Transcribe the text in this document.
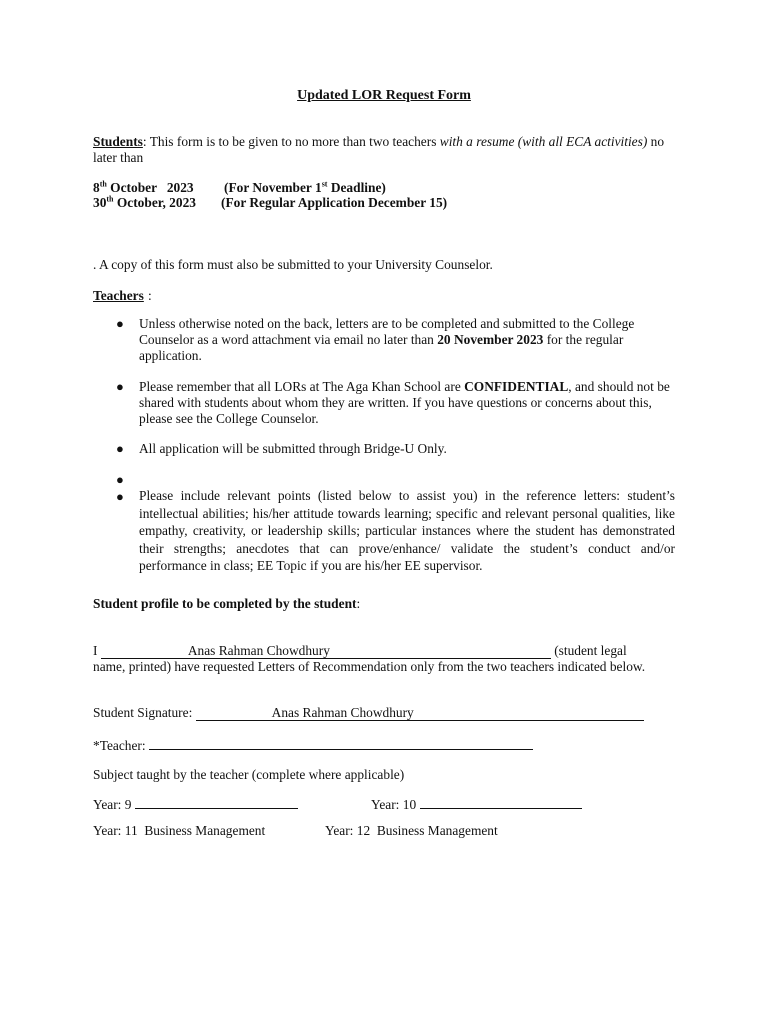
Updated LOR Request Form
Students: This form is to be given to no more than two teachers with a resume (with all ECA activities) no later than
8th October   2023 (For November 1st Deadline)
30th October, 2023 (For Regular Application December 15)
. A copy of this form must also be submitted to your University Counselor.
Teachers :
● Unless otherwise noted on the back, letters are to be completed and submitted to the College Counselor as a word attachment via email no later than 20 November 2023 for the regular application.
● Please remember that all LORs at The Aga Khan School are CONFIDENTIAL, and should not be shared with students about whom they are written. If you have questions or concerns about this, please see the College Counselor.
● All application will be submitted through Bridge-U Only.
●
● Please include relevant points (listed below to assist you) in the reference letters: student’s intellectual abilities; his/her attitude towards learning; specific and relevant personal qualities, like empathy, creativity, or leadership skills; particular instances where the student has demonstrated their strengths; anecdotes that can prove/enhance/ validate the student’s conduct and/or performance in class; EE Topic if you are his/her EE supervisor.
Student profile to be completed by the student:
I	Anas Rahman Chowdhury	(student legal
name, printed) have requested Letters of Recommendation only from the two teachers indicated below.
Student Signature:	Anas Rahman Chowdhury
*Teacher:
Subject taught by the teacher (complete where applicable)
Year: 9	Year: 10
Year: 11 Business Management	Year: 12 Business Management
